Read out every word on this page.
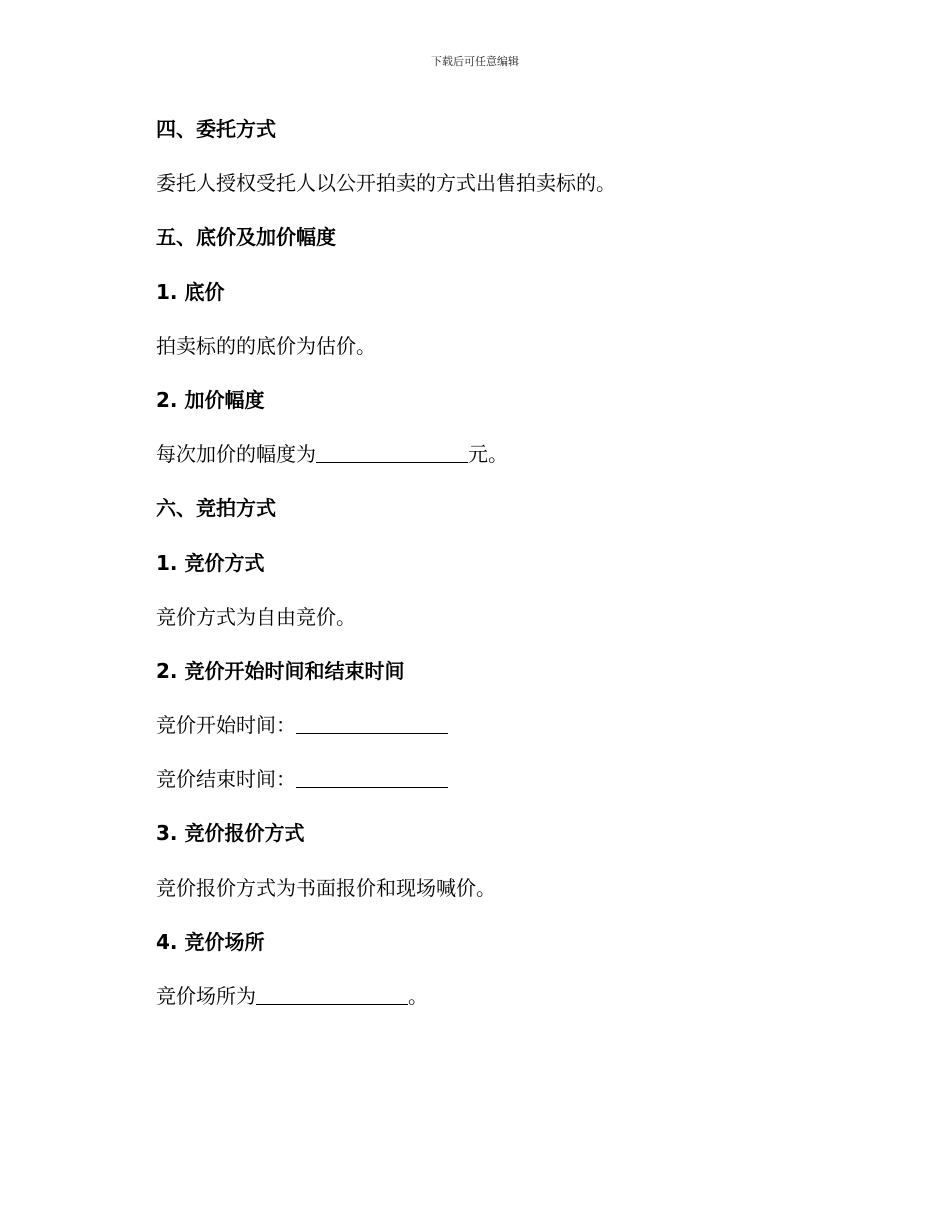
下载后可任意编辑
四、委托方式
委托人授权受托人以公开拍卖的方式出售拍卖标的。
五、底价及加价幅度
1. 底价
拍卖标的的底价为估价。
2. 加价幅度
每次加价的幅度为	元。
六、竞拍方式
1. 竞价方式
竞价方式为自由竞价。
2. 竞价开始时间和结束时间
竞价开始时间：
竞价结束时间：
3. 竞价报价方式
竞价报价方式为书面报价和现场喊价。
4. 竞价场所
竞价场所为	。
